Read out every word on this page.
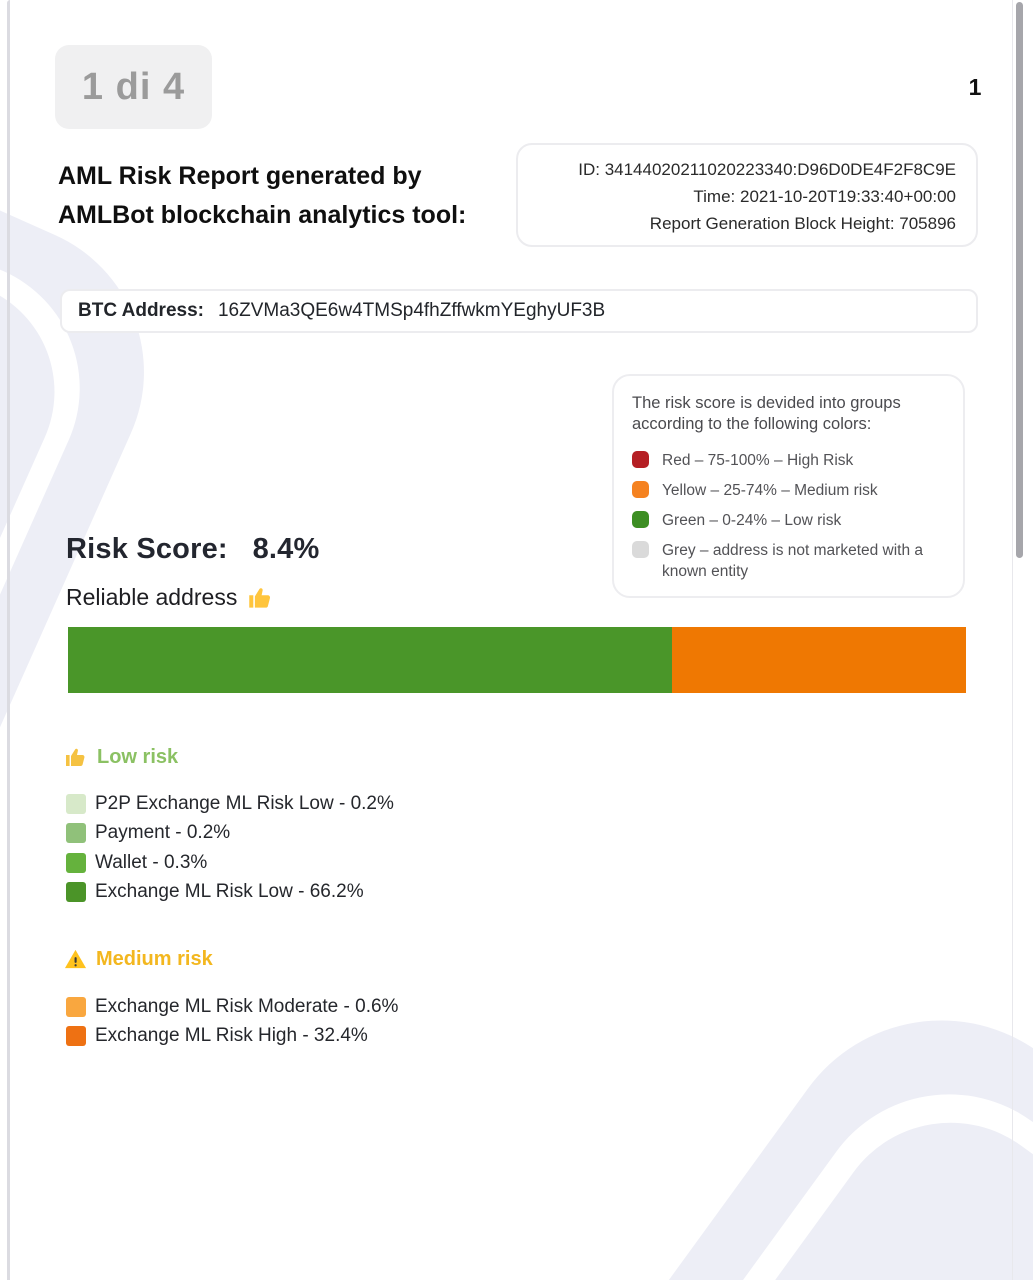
1 di 4	1
AML Risk Report generated by
AMLBot blockchain analytics tool:
ID: 34144020211020223340:D96D0DE4F2F8C9E
Time: 2021-10-20T19:33:40+00:00
Report Generation Block Height: 705896
BTC Address: 16ZVMa3QE6w4TMSp4fhZffwkmYEghyUF3B
The risk score is devided into groups according to the following colors:
Red – 75-100% – High Risk
Yellow – 25-74% – Medium risk
Green – 0-24% – Low risk
Grey – address is not marketed with a known entity
Risk Score: 8.4%
Reliable address
Low risk
P2P Exchange ML Risk Low - 0.2%
Payment - 0.2%
Wallet - 0.3%
Exchange ML Risk Low - 66.2%
Medium risk
Exchange ML Risk Moderate - 0.6%
Exchange ML Risk High - 32.4%
